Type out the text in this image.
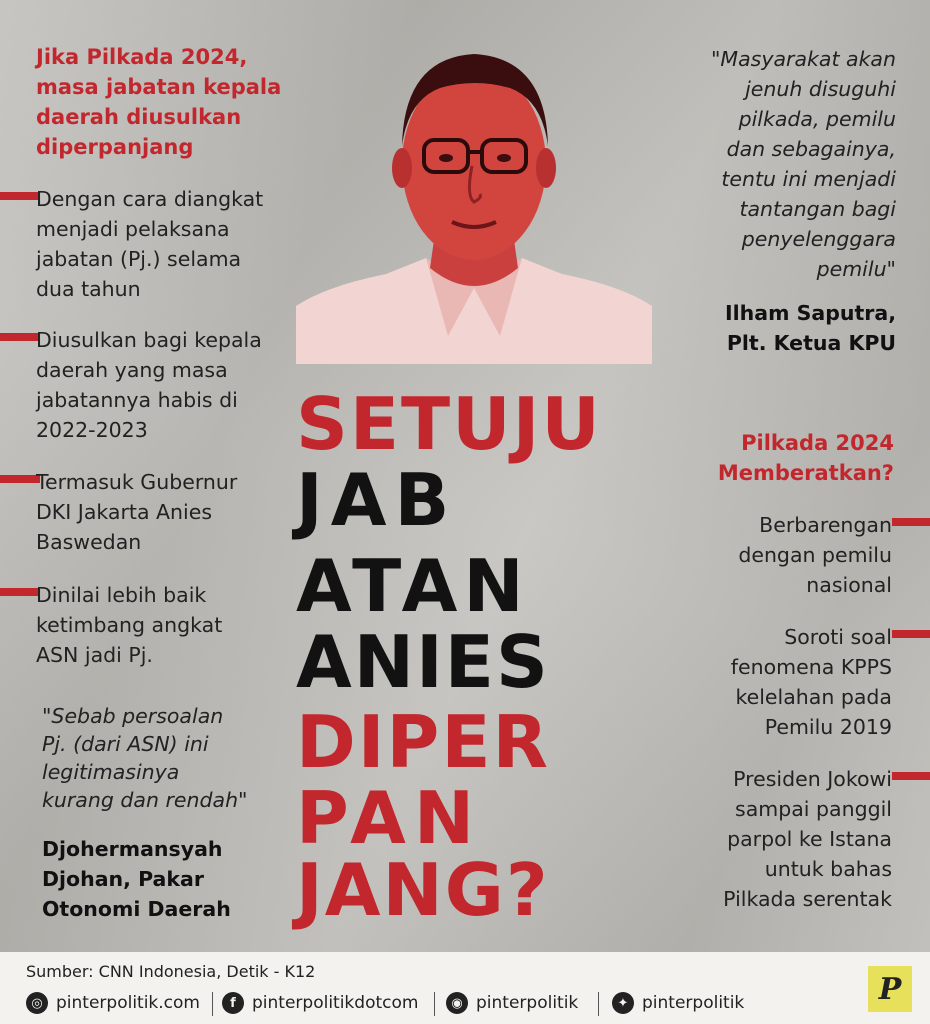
Jika Pilkada 2024,
masa jabatan kepala
daerah diusulkan
diperpanjang
Dengan cara diangkat
menjadi pelaksana
jabatan (Pj.) selama
dua tahun
Diusulkan bagi kepala
daerah yang masa
jabatannya habis di
2022-2023
Termasuk Gubernur
DKI Jakarta Anies
Baswedan
Dinilai lebih baik
ketimbang angkat
ASN jadi Pj.
"Sebab persoalan
Pj. (dari ASN) ini
legitimasinya
kurang dan rendah"
Djohermansyah
Djohan, Pakar
Otonomi Daerah
SETUJU
JAB
ATAN
ANIES
DIPER
PAN
JANG?
"Masyarakat akan
jenuh disuguhi
pilkada, pemilu
dan sebagainya,
tentu ini menjadi
tantangan bagi
penyelenggara
pemilu"
Ilham Saputra,
Plt. Ketua KPU
Pilkada 2024
Memberatkan?
Berbarengan
dengan pemilu
nasional
Soroti soal
fenomena KPPS
kelelahan pada
Pemilu 2019
Presiden Jokowi
sampai panggil
parpol ke Istana
untuk bahas
Pilkada serentak
Sumber: CNN Indonesia, Detik - K12
◎ pinterpolitik.com	f pinterpolitikdotcom	◉ pinterpolitik	✦ pinterpolitik	P
